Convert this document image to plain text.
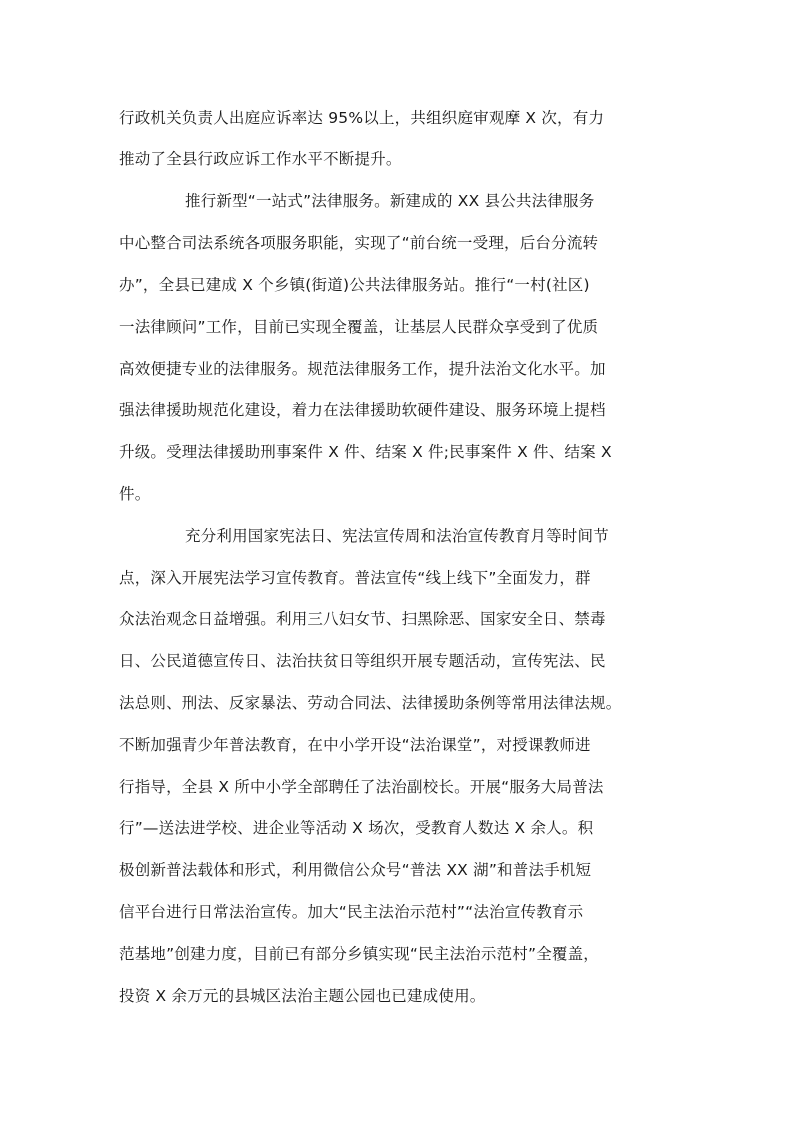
行政机关负责人出庭应诉率达 95%以上，共组织庭审观摩 X 次，有力
推动了全县行政应诉工作水平不断提升。
推行新型“一站式”法律服务。新建成的 XX 县公共法律服务
中心整合司法系统各项服务职能，实现了“前台统一受理，后台分流转
办”，全县已建成 X 个乡镇(街道)公共法律服务站。推行“一村(社区)
一法律顾问”工作，目前已实现全覆盖，让基层人民群众享受到了优质
高效便捷专业的法律服务。规范法律服务工作，提升法治文化水平。加
强法律援助规范化建设，着力在法律援助软硬件建设、服务环境上提档
升级。受理法律援助刑事案件 X 件、结案 X 件;民事案件 X 件、结案 X
件。
充分利用国家宪法日、宪法宣传周和法治宣传教育月等时间节
点，深入开展宪法学习宣传教育。普法宣传“线上线下”全面发力，群
众法治观念日益增强。利用三八妇女节、扫黑除恶、国家安全日、禁毒
日、公民道德宣传日、法治扶贫日等组织开展专题活动，宣传宪法、民
法总则、刑法、反家暴法、劳动合同法、法律援助条例等常用法律法规。
不断加强青少年普法教育，在中小学开设“法治课堂”，对授课教师进
行指导，全县 X 所中小学全部聘任了法治副校长。开展“服务大局普法
行”—送法进学校、进企业等活动 X 场次，受教育人数达 X 余人。积
极创新普法载体和形式，利用微信公众号“普法 XX 湖”和普法手机短
信平台进行日常法治宣传。加大“民主法治示范村”“法治宣传教育示
范基地”创建力度，目前已有部分乡镇实现“民主法治示范村”全覆盖，
投资 X 余万元的县城区法治主题公园也已建成使用。
